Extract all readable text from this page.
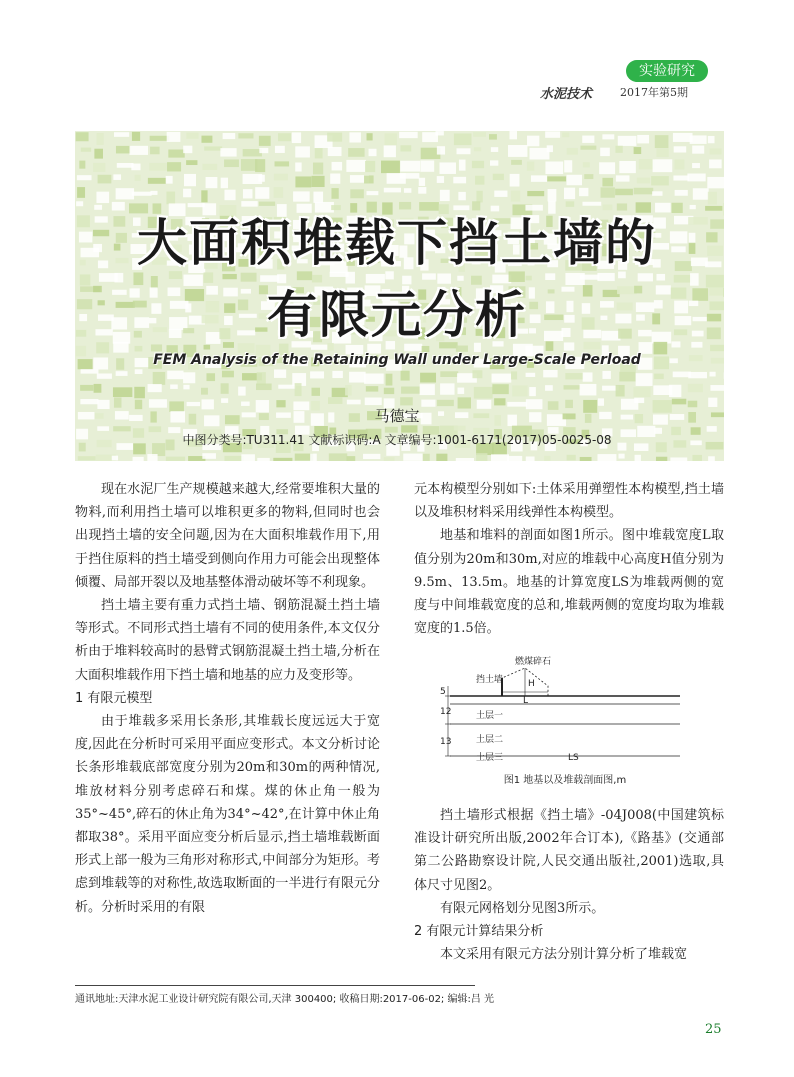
实验研究
水泥技术	2017年第5期
大面积堆载下挡土墙的
有限元分析
FEM Analysis of the Retaining Wall under Large-Scale Perload
马德宝
中图分类号:TU311.41 文献标识码:A 文章编号:1001-6171(2017)05-0025-08

现在水泥厂生产规模越来越大,经常要堆积大量的物料,而利用挡土墙可以堆积更多的物料,但同时也会出现挡土墙的安全问题,因为在大面积堆载作用下,用于挡住原料的挡土墙受到侧向作用力可能会出现整体倾覆、局部开裂以及地基整体滑动破坏等不利现象。

挡土墙主要有重力式挡土墙、钢筋混凝土挡土墙等形式。不同形式挡土墙有不同的使用条件,本文仅分析由于堆料较高时的悬臂式钢筋混凝土挡土墙,分析在大面积堆载作用下挡土墙和地基的应力及变形等。

1 有限元模型

由于堆载多采用长条形,其堆载长度远远大于宽度,因此在分析时可采用平面应变形式。本文分析讨论长条形堆载底部宽度分别为20m和30m的两种情况,堆放材料分别考虑碎石和煤。煤的休止角一般为35°~45°,碎石的休止角为34°~42°,在计算中休止角都取38°。采用平面应变分析后显示,挡土墙堆载断面形式上部一般为三角形对称形式,中间部分为矩形。考虑到堆载等的对称性,故选取断面的一半进行有限元分析。分析时采用的有限

元本构模型分别如下:土体采用弹塑性本构模型,挡土墙以及堆积材料采用线弹性本构模型。

地基和堆料的剖面如图1所示。图中堆载宽度L取值分别为20m和30m,对应的堆载中心高度H值分别为9.5m、13.5m。地基的计算宽度LS为堆载两侧的宽度与中间堆载宽度的总和,堆载两侧的宽度均取为堆载宽度的1.5倍。

燃煤碎石
挡土墙	H
L
土层一
土层二
土层三	LS
5
12
13
图1 地基以及堆载剖面图,m

挡土墙形式根据《挡土墙》-04J008(中国建筑标准设计研究所出版,2002年合订本),《路基》(交通部第二公路勘察设计院,人民交通出版社,2001)选取,具体尺寸见图2。

有限元网格划分见图3所示。

2 有限元计算结果分析

本文采用有限元方法分别计算分析了堆载宽

通讯地址:天津水泥工业设计研究院有限公司,天津 300400; 收稿日期:2017-06-02; 编辑:吕 光
25
